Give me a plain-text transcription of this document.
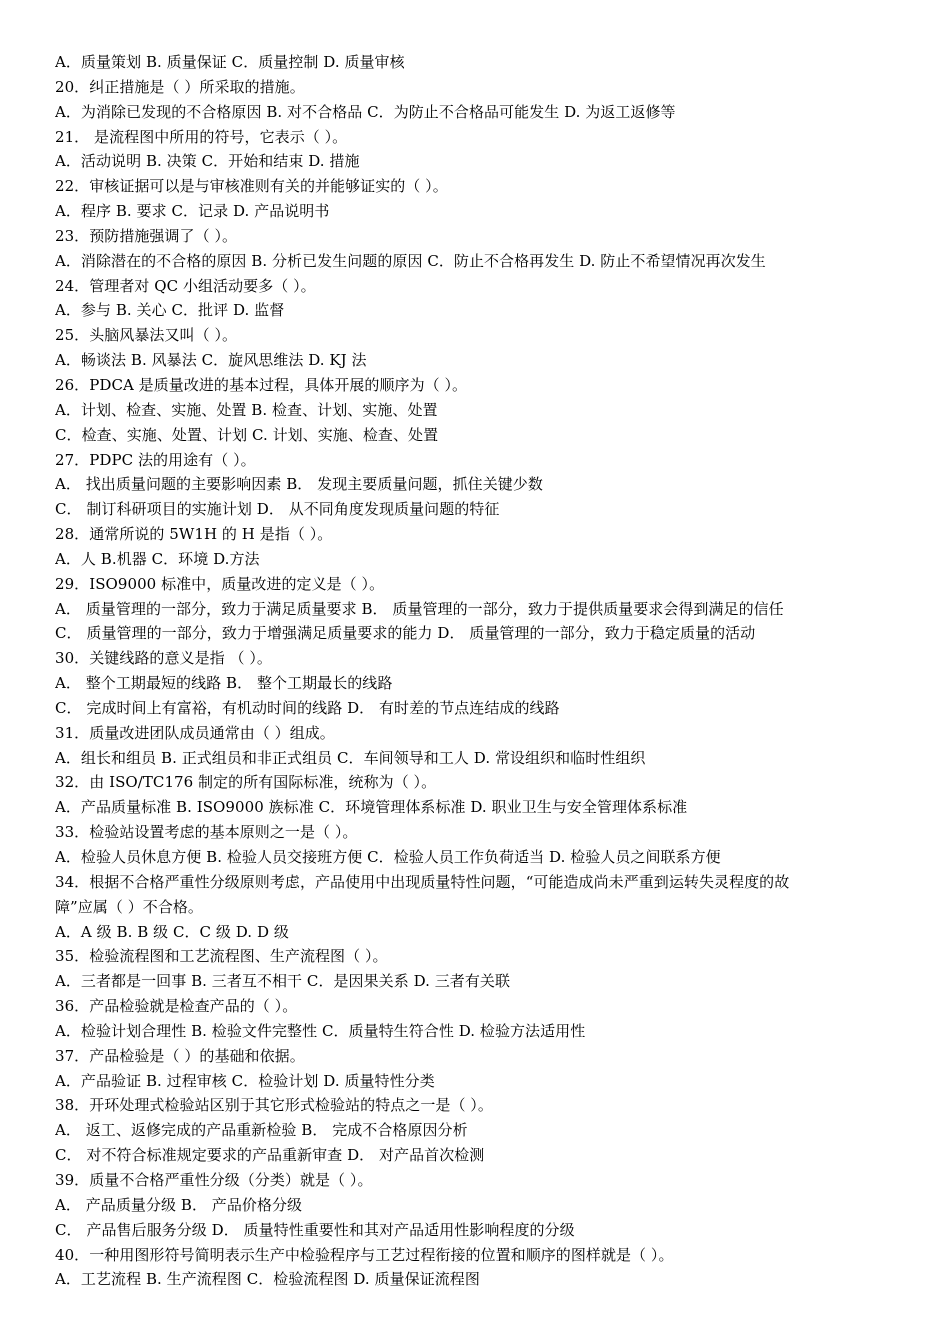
A．质量策划 B. 质量保证 C．质量控制 D. 质量审核
20．纠正措施是（ ）所采取的措施。
A．为消除已发现的不合格原因 B. 对不合格品 C．为防止不合格品可能发生 D. 为返工返修等
21． 是流程图中所用的符号，它表示（ ）。
A．活动说明 B. 决策 C．开始和结束 D. 措施
22．审核证据可以是与审核准则有关的并能够证实的（ ）。
A．程序 B. 要求 C．记录 D. 产品说明书
23．预防措施强调了（ ）。
A．消除潜在的不合格的原因 B. 分析已发生问题的原因 C．防止不合格再发生 D. 防止不希望情况再次发生
24．管理者对 QC 小组活动要多（ ）。
A．参与 B. 关心 C．批评 D. 监督
25．头脑风暴法又叫（ ）。
A．畅谈法 B. 风暴法 C．旋风思维法 D. KJ 法
26．PDCA 是质量改进的基本过程，具体开展的顺序为（ ）。
A．计划、检查、实施、处置 B. 检查、计划、实施、处置
C．检查、实施、处置、计划 C. 计划、实施、检查、处置
27．PDPC 法的用途有（ ）。
A． 找出质量问题的主要影响因素 B． 发现主要质量问题，抓住关键少数
C． 制订科研项目的实施计划 D． 从不同角度发现质量问题的特征
28．通常所说的 5W1H 的 H 是指（ ）。
A．人 B.机器 C．环境 D.方法
29．ISO9000 标准中，质量改进的定义是（ ）。
A． 质量管理的一部分，致力于满足质量要求 B． 质量管理的一部分，致力于提供质量要求会得到满足的信任
C． 质量管理的一部分，致力于增强满足质量要求的能力 D． 质量管理的一部分，致力于稳定质量的活动
30．关键线路的意义是指 （ ）。
A． 整个工期最短的线路 B． 整个工期最长的线路
C． 完成时间上有富裕，有机动时间的线路 D． 有时差的节点连结成的线路
31．质量改进团队成员通常由（ ）组成。
A．组长和组员 B. 正式组员和非正式组员 C．车间领导和工人 D. 常设组织和临时性组织
32．由 ISO/TC176 制定的所有国际标准，统称为（ ）。
A．产品质量标准 B. ISO9000 族标准 C．环境管理体系标准 D. 职业卫生与安全管理体系标准
33．检验站设置考虑的基本原则之一是（ ）。
A．检验人员休息方便 B. 检验人员交接班方便 C．检验人员工作负荷适当 D. 检验人员之间联系方便
34．根据不合格严重性分级原则考虑，产品使用中出现质量特性问题，“可能造成尚未严重到运转失灵程度的故
障”应属（ ）不合格。
A．A 级 B. B 级 C．C 级 D. D 级
35．检验流程图和工艺流程图、生产流程图（ ）。
A．三者都是一回事 B. 三者互不相干 C．是因果关系 D. 三者有关联
36．产品检验就是检查产品的（ ）。
A．检验计划合理性 B. 检验文件完整性 C．质量特生符合性 D. 检验方法适用性
37．产品检验是（ ）的基础和依据。
A．产品验证 B. 过程审核 C．检验计划 D. 质量特性分类
38．开环处理式检验站区别于其它形式检验站的特点之一是（ ）。
A． 返工、返修完成的产品重新检验 B． 完成不合格原因分析
C． 对不符合标准规定要求的产品重新审查 D． 对产品首次检测
39．质量不合格严重性分级（分类）就是（ ）。
A． 产品质量分级 B． 产品价格分级
C． 产品售后服务分级 D． 质量特性重要性和其对产品适用性影响程度的分级
40．一种用图形符号简明表示生产中检验程序与工艺过程衔接的位置和顺序的图样就是（ ）。
A．工艺流程 B. 生产流程图 C．检验流程图 D. 质量保证流程图
